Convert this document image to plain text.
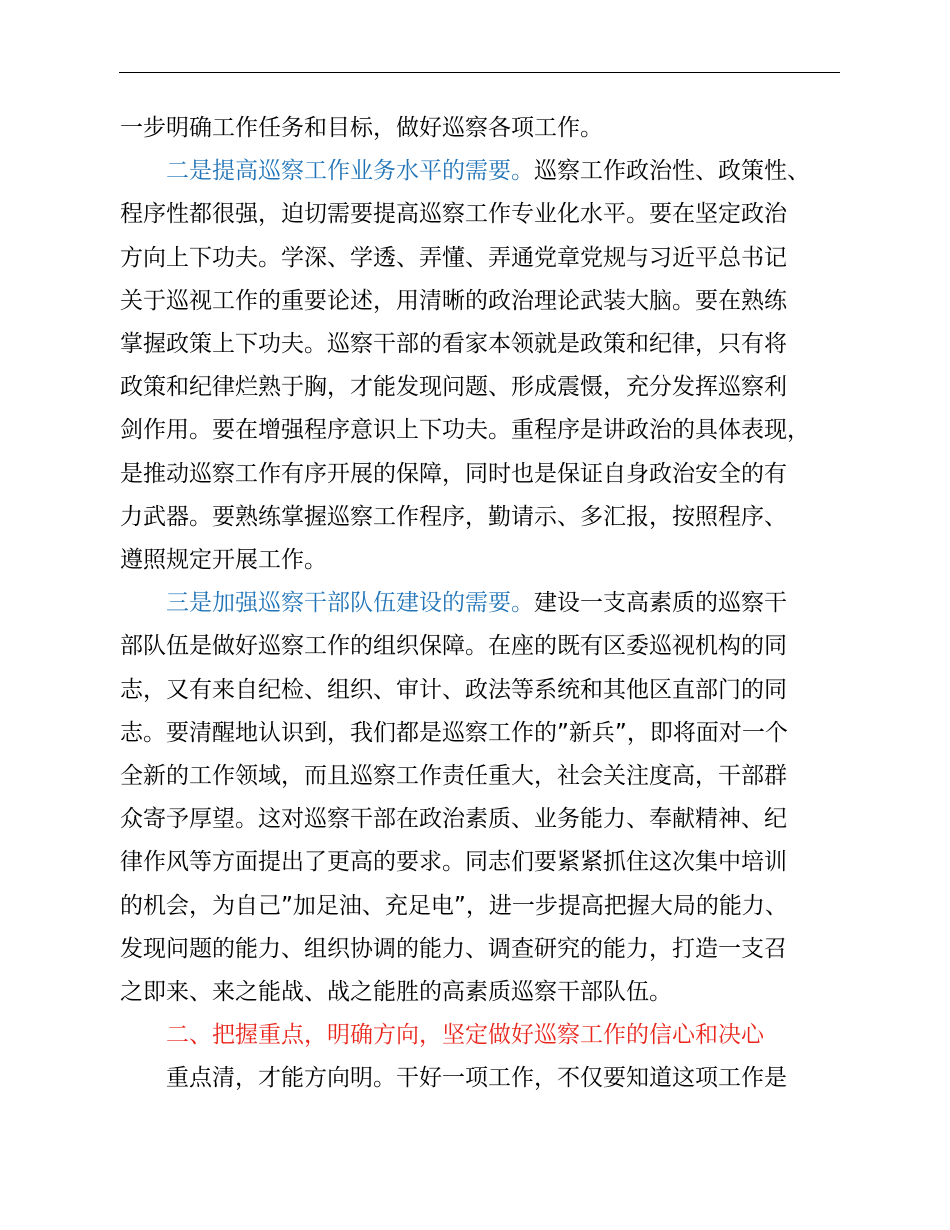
一步明确工作任务和目标，做好巡察各项工作。

　　二是提高巡察工作业务水平的需要。巡察工作政治性、政策性、
程序性都很强，迫切需要提高巡察工作专业化水平。要在坚定政治
方向上下功夫。学深、学透、弄懂、弄通党章党规与习近平总书记
关于巡视工作的重要论述，用清晰的政治理论武装大脑。要在熟练
掌握政策上下功夫。巡察干部的看家本领就是政策和纪律，只有将
政策和纪律烂熟于胸，才能发现问题、形成震慑，充分发挥巡察利
剑作用。要在增强程序意识上下功夫。重程序是讲政治的具体表现，
是推动巡察工作有序开展的保障，同时也是保证自身政治安全的有
力武器。要熟练掌握巡察工作程序，勤请示、多汇报，按照程序、
遵照规定开展工作。

　　三是加强巡察干部队伍建设的需要。建设一支高素质的巡察干
部队伍是做好巡察工作的组织保障。在座的既有区委巡视机构的同
志，又有来自纪检、组织、审计、政法等系统和其他区直部门的同
志。要清醒地认识到，我们都是巡察工作的”新兵”，即将面对一个
全新的工作领域，而且巡察工作责任重大，社会关注度高，干部群
众寄予厚望。这对巡察干部在政治素质、业务能力、奉献精神、纪
律作风等方面提出了更高的要求。同志们要紧紧抓住这次集中培训
的机会，为自己”加足油、充足电”，进一步提高把握大局的能力、
发现问题的能力、组织协调的能力、调查研究的能力，打造一支召
之即来、来之能战、战之能胜的高素质巡察干部队伍。

　　二、把握重点，明确方向，坚定做好巡察工作的信心和决心

　　重点清，才能方向明。干好一项工作，不仅要知道这项工作是
